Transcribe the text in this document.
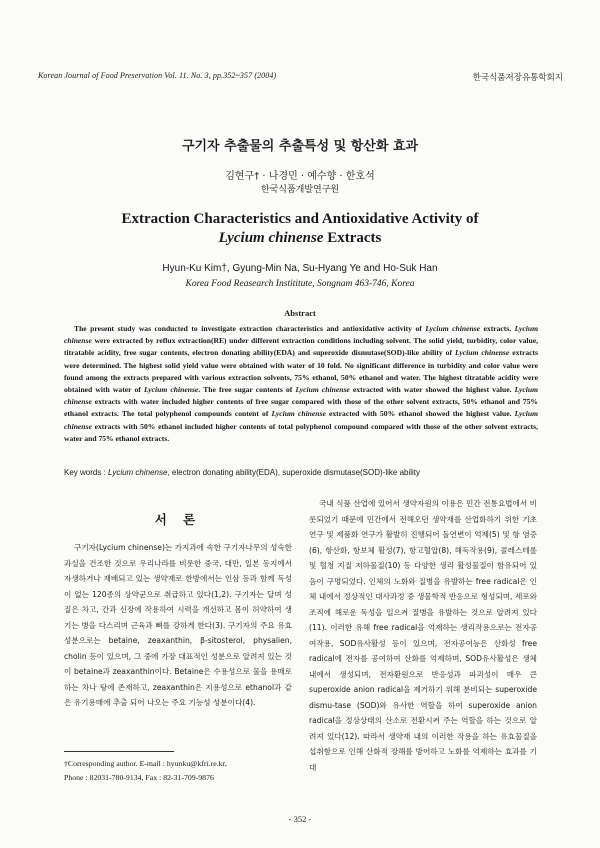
Korean Journal of Food Preservation Vol. 11. No. 3, pp.352~357 (2004)	한국식품저장유통학회지
구기자 추출물의 추출특성 및 항산화 효과
김현구† · 나경민 · 예수향 · 한호석
한국식품개발연구원
Extraction Characteristics and Antioxidative Activity of
Lycium chinense Extracts
Hyun-Ku Kim†, Gyung-Min Na, Su-Hyang Ye and Ho-Suk Han
Korea Food Reasearch Instititute, Songnam 463-746, Korea
Abstract
The present study was conducted to investigate extraction characteristics and antioxidative activity of Lycium chinense extracts. Lycium chinense were extracted by reflux extraction(RE) under different extraction conditions including solvent. The solid yield, turbidity, color value, titratable acidity, free sugar contents, electron donating ability(EDA) and superoxide dismutase(SOD)-like ability of Lycium chinense extracts were determined. The highest solid yield value were obtained with water of 10 fold. No significant difference in turbidity and color value were found among the extracts prepared with various extraction solvents, 75% ethanol, 50% ethanol and water. The highest titratable acidity were obtained with water of Lycium chinense. The free sugar contents of Lycium chinense extracted with water showed the highest value. Lycium chinense extracts with water included higher contents of free sugar compared with those of the other solvent extracts, 50% ethanol and 75% ethanol extracts. The total polyphenol compounds content of Lycium chinense extracted with 50% ethanol showed the highest value. Lycium chinense extracts with 50% ethanol included higher contents of total polyphenol compound compared with those of the other solvent extracts, water and 75% ethanol extracts.
Key words : Lycium chinense, electron donating ability(EDA), superoxide dismutase(SOD)-like ability
서 론

구기자(Lycium chinense)는 가지과에 속한 구기자나무의 성숙한 과실을 건조한 것으로 우리나라를 비롯한 중국, 대만, 일본 등지에서 자생하거나 재배되고 있는 생약재로 한방에서는 인삼 등과 함께 독성이 없는 120종의 상약군으로 취급하고 있다(1,2). 구기자는 달며 성질은 차고, 간과 신장에 작용하여 시력을 개선하고 몸이 허약하여 생기는 병을 다스리며 근육과 뼈를 강하게 한다(3). 구기자의 주요 유효성분으로는 betaine, zeaxanthin, β-sitosterol, physalien, cholin 등이 있으며, 그 중에 가장 대표적인 성분으로 알려져 있는 것이 betaine과 zeaxanthin이다. Betaine은 수용성으로 물을 용매로 하는 차나 탕에 존재하고, zeaxanthin은 지용성으로 ethanol과 같은 유기용매에 추출 되어 나오는 주요 기능성 성분이다(4).

국내 식품 산업에 있어서 생약자원의 이용은 민간 전통요법에서 비롯되었기 때문에 민간에서 전해오던 생약재를 산업화하기 위한 기초연구 및 제품화 연구가 활발히 진행되어 돌연변이 억제(5) 및 항 염증(6), 항산화, 항보체 활성(7), 항고혈압(8), 해독작용(9), 콜레스테롤 및 혈청 지질 저하물질(10) 등 다양한 생리 활성물질이 함유되어 있음이 구명되었다. 인체의 노화와 질병을 유발하는 free radical은 인체 내에서 정상적인 대사과정 중 생물학적 반응으로 형성되며, 세포와 조직에 해로운 독성을 일으켜 질병을 유발하는 것으로 알려져 있다(11). 이러한 유해 free radical을 억제하는 생리작용으로는 전자공여작용, SOD유사활성 등이 있으며, 전자공여능은 산화성 free radical에 전자를 공여하여 산화를 억제하며, SOD유사활성은 생체 내에서 생성되며, 전자환원으로 반응성과 파괴성이 매우 큰 superoxide anion radical을 제거하기 위해 분비되는 superoxide dismu-tase (SOD)와 유사한 역할을 하여 superoxide anion radical을 정상상태의 산소로 전환시켜 주는 역할을 하는 것으로 알려져 있다(12). 따라서 생약재 내의 이러한 작용을 하는 유효물질을 섭취함으로 인해 산화적 장해를 방어하고 노화를 억제하는 효과를 기대

†Corresponding author. E-mail : hyunku@kfri.re.kr,
Phone : 82031-780-9134, Fax : 82-31-709-9876
- 352 -
